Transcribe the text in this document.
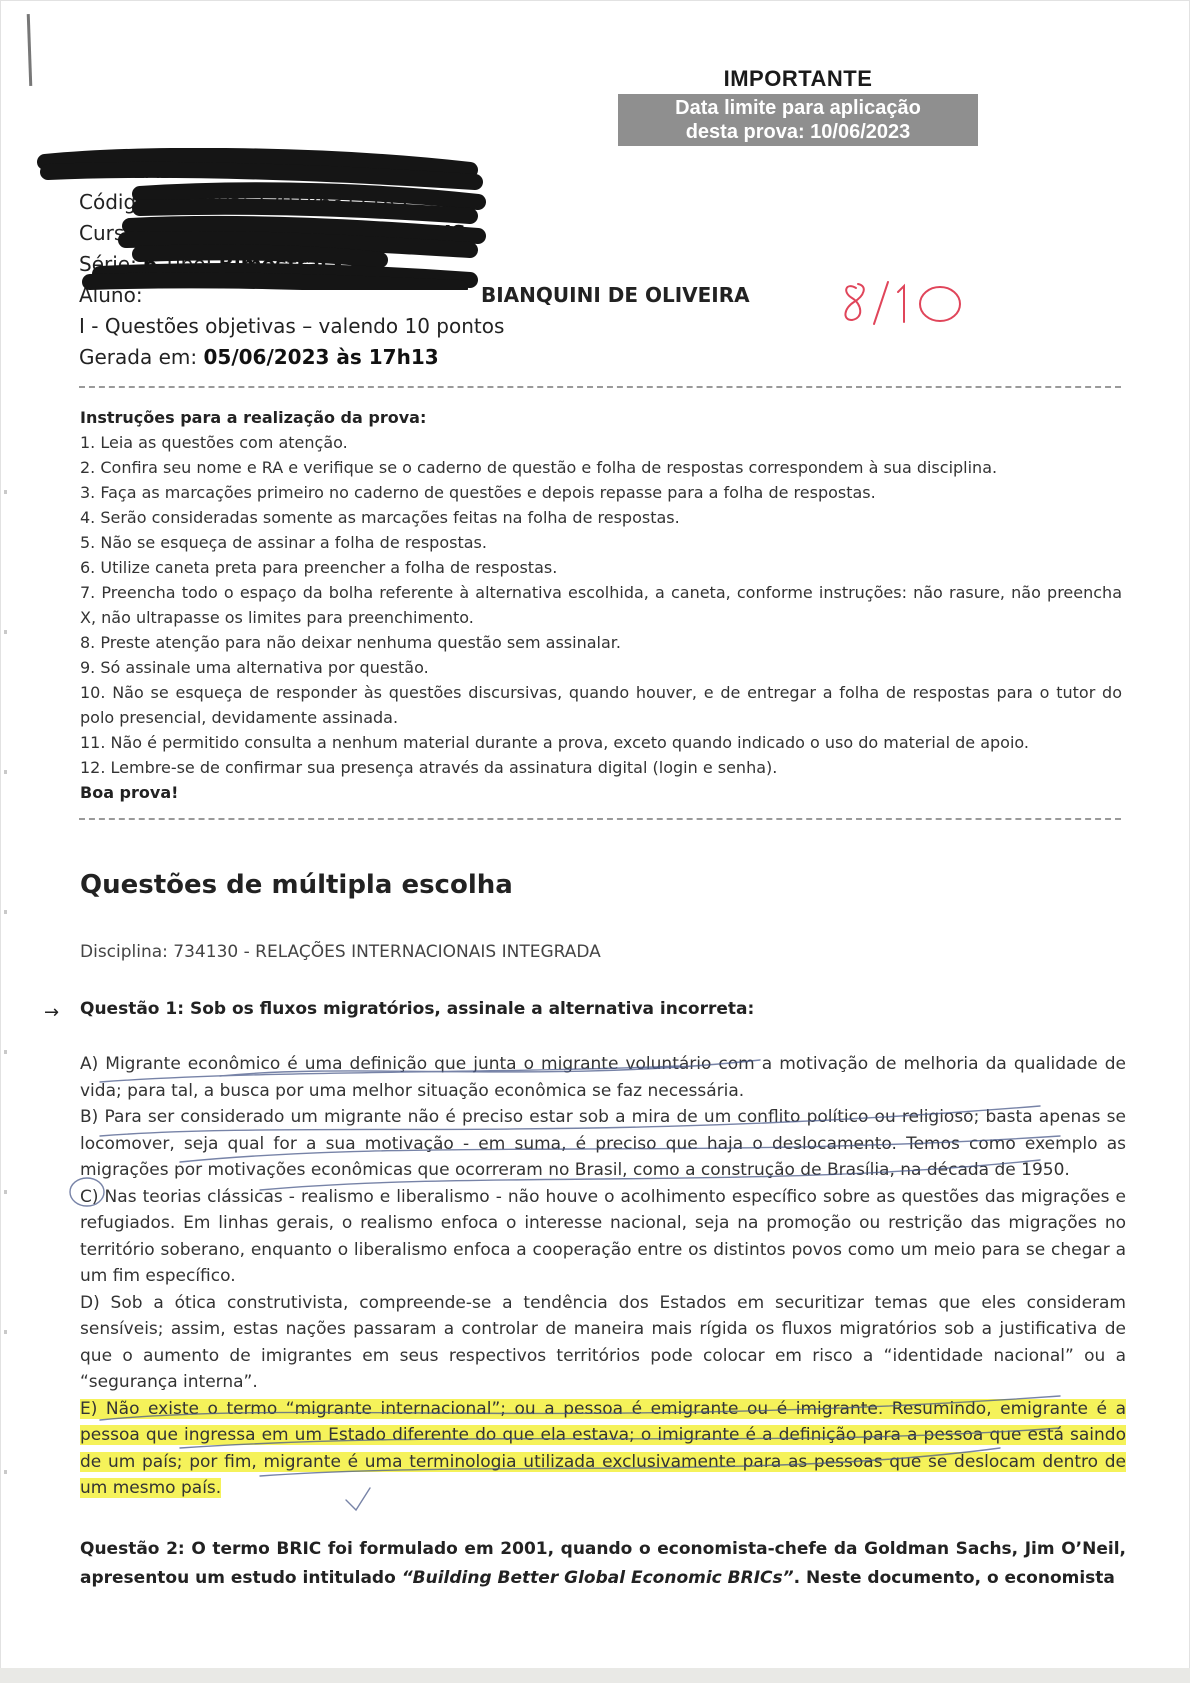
IMPORTANTE
Data limite para aplicação
desta prova: 10/06/2023
UNIP EAD
Código da Prova: 120186311185
Curso: RELAÇÕES INTERNACIONAIS
Série: 6 Tipo: Bimestral - AP
Aluno:	BIANQUINI DE OLIVEIRA
I - Questões objetivas – valendo 10 pontos
Gerada em: 05/06/2023 às 17h13
8/10

Instruções para a realização da prova:

1. Leia as questões com atenção.

2. Confira seu nome e RA e verifique se o caderno de questão e folha de respostas correspondem à sua disciplina.

3. Faça as marcações primeiro no caderno de questões e depois repasse para a folha de respostas.

4. Serão consideradas somente as marcações feitas na folha de respostas.

5. Não se esqueça de assinar a folha de respostas.

6. Utilize caneta preta para preencher a folha de respostas.

7. Preencha todo o espaço da bolha referente à alternativa escolhida, a caneta, conforme instruções: não rasure, não preencha X, não ultrapasse os limites para preenchimento.

8. Preste atenção para não deixar nenhuma questão sem assinalar.

9. Só assinale uma alternativa por questão.

10. Não se esqueça de responder às questões discursivas, quando houver, e de entregar a folha de respostas para o tutor do polo presencial, devidamente assinada.

11. Não é permitido consulta a nenhum material durante a prova, exceto quando indicado o uso do material de apoio.

12. Lembre-se de confirmar sua presença através da assinatura digital (login e senha).

Boa prova!

Questões de múltipla escolha
Disciplina: 734130 - RELAÇÕES INTERNACIONAIS INTEGRADA
→ Questão 1: Sob os fluxos migratórios, assinale a alternativa incorreta:

A) Migrante econômico é uma definição que junta o migrante voluntário com a motivação de melhoria da qualidade de vida; para tal, a busca por uma melhor situação econômica se faz necessária.

B) Para ser considerado um migrante não é preciso estar sob a mira de um conflito político ou religioso; basta apenas se locomover, seja qual for a sua motivação - em suma, é preciso que haja o deslocamento. Temos como exemplo as migrações por motivações econômicas que ocorreram no Brasil, como a construção de Brasília, na década de 1950.

C) Nas teorias clássicas - realismo e liberalismo - não houve o acolhimento específico sobre as questões das migrações e refugiados. Em linhas gerais, o realismo enfoca o interesse nacional, seja na promoção ou restrição das migrações no território soberano, enquanto o liberalismo enfoca a cooperação entre os distintos povos como um meio para se chegar a um fim específico.

D) Sob a ótica construtivista, compreende-se a tendência dos Estados em securitizar temas que eles consideram sensíveis; assim, estas nações passaram a controlar de maneira mais rígida os fluxos migratórios sob a justificativa de que o aumento de imigrantes em seus respectivos territórios pode colocar em risco a “identidade nacional” ou a “segurança interna”.

E) Não existe o termo “migrante internacional”; ou a pessoa é emigrante ou é imigrante. Resumindo, emigrante é a pessoa que ingressa em um Estado diferente do que ela estava; o imigrante é a definição para a pessoa que está saindo de um país; por fim, migrante é uma terminologia utilizada exclusivamente para as pessoas que se deslocam dentro de um mesmo país.

Questão 2: O termo BRIC foi formulado em 2001, quando o economista-chefe da Goldman Sachs, Jim O’Neil, apresentou um estudo intitulado “Building Better Global Economic BRICs”. Neste documento, o economista
